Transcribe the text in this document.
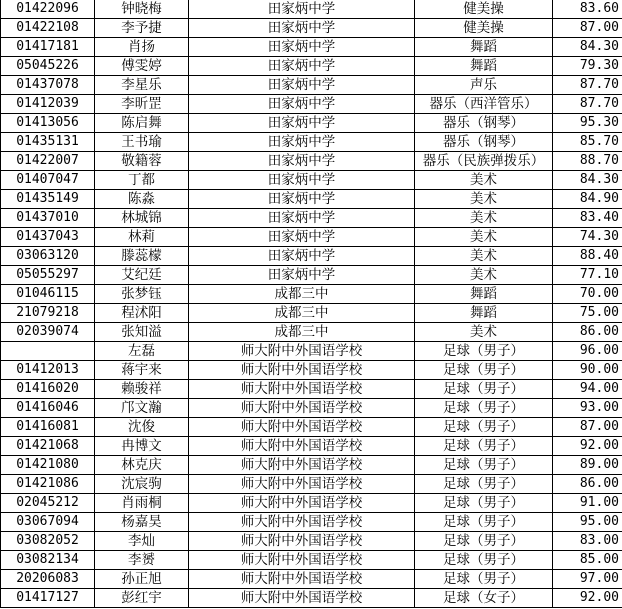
01422096	钟晓梅	田家炳中学	健美操	83.60
01422108	李予捷	田家炳中学	健美操	87.00
01417181	肖扬	田家炳中学	舞蹈	84.30
05045226	傅雯婷	田家炳中学	舞蹈	79.30
01437078	李星乐	田家炳中学	声乐	87.70
01412039	李昕罡	田家炳中学	器乐（西洋管乐）	87.70
01413056	陈启舞	田家炳中学	器乐（钢琴）	95.30
01435131	王书瑜	田家炳中学	器乐（钢琴）	85.70
01422007	敬籍蓉	田家炳中学	器乐（民族弹拨乐）	88.70
01407047	丁都	田家炳中学	美术	84.30
01435149	陈淼	田家炳中学	美术	84.90
01437010	林城锦	田家炳中学	美术	83.40
01437043	林莉	田家炳中学	美术	74.30
03063120	滕蕊檬	田家炳中学	美术	88.40
05055297	艾纪廷	田家炳中学	美术	77.10
01046115	张梦钰	成都三中	舞蹈	70.00
21079218	程沭阳	成都三中	舞蹈	75.00
02039074	张知溢	成都三中	美术	86.00
	左磊	师大附中外国语学校	足球（男子）	96.00
01412013	蒋宇来	师大附中外国语学校	足球（男子）	90.00
01416020	赖骏祥	师大附中外国语学校	足球（男子）	94.00
01416046	邝文瀚	师大附中外国语学校	足球（男子）	93.00
01416081	沈俊	师大附中外国语学校	足球（男子）	87.00
01421068	冉博文	师大附中外国语学校	足球（男子）	92.00
01421080	林克庆	师大附中外国语学校	足球（男子）	89.00
01421086	沈宸驹	师大附中外国语学校	足球（男子）	86.00
02045212	肖雨桐	师大附中外国语学校	足球（男子）	91.00
03067094	杨嘉昊	师大附中外国语学校	足球（男子）	95.00
03082052	李灿	师大附中外国语学校	足球（男子）	83.00
03082134	李赟	师大附中外国语学校	足球（男子）	85.00
20206083	孙正旭	师大附中外国语学校	足球（男子）	97.00
01417127	彭红宇	师大附中外国语学校	足球（女子）	92.00
